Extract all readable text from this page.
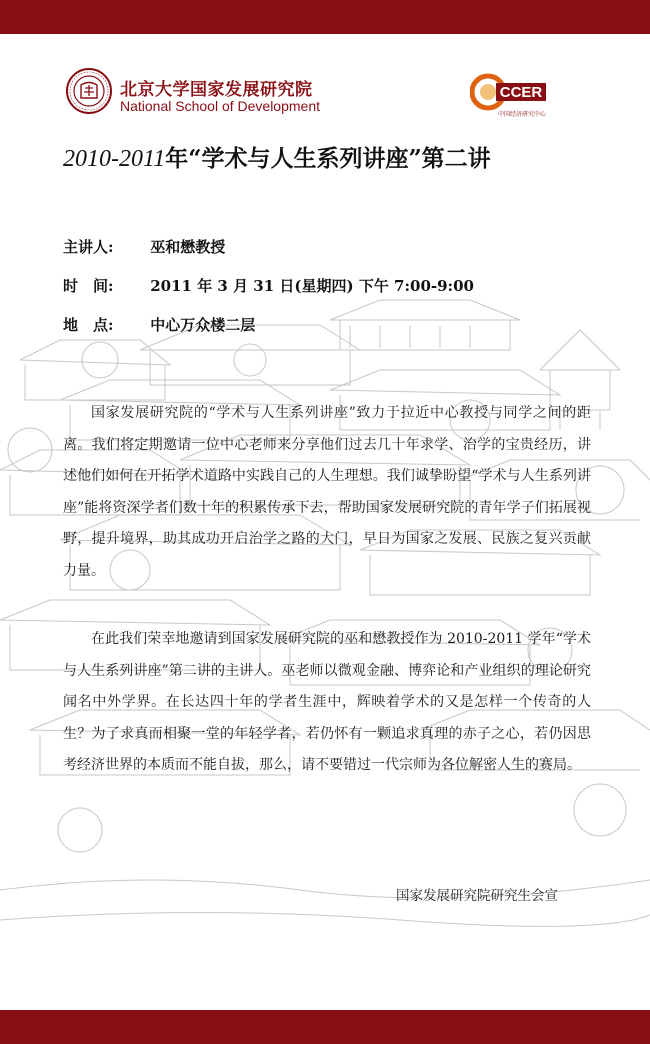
北京大学国家发展研究院
National School of Development
CCER
中国经济研究中心
2010-2011年“学术与人生系列讲座”第二讲
主讲人: 巫和懋教授
时　间: 2011 年 3 月 31 日(星期四) 下午 7:00-9:00
地　点: 中心万众楼二层
国家发展研究院的“学术与人生系列讲座”致力于拉近中心教授与同学之间的距离。我们将定期邀请一位中心老师来分享他们过去几十年求学、治学的宝贵经历，讲述他们如何在开拓学术道路中实践自己的人生理想。我们诚挚盼望“学术与人生系列讲座”能将资深学者们数十年的积累传承下去，帮助国家发展研究院的青年学子们拓展视野，提升境界，助其成功开启治学之路的大门，早日为国家之发展、民族之复兴贡献力量。
在此我们荣幸地邀请到国家发展研究院的巫和懋教授作为 2010-2011 学年“学术与人生系列讲座”第二讲的主讲人。巫老师以微观金融、博弈论和产业组织的理论研究闻名中外学界。在长达四十年的学者生涯中，辉映着学术的又是怎样一个传奇的人生？为了求真而相聚一堂的年轻学者，若仍怀有一颗追求真理的赤子之心，若仍因思考经济世界的本质而不能自拔，那么，请不要错过一代宗师为各位解密人生的赛局。
国家发展研究院研究生会宣
